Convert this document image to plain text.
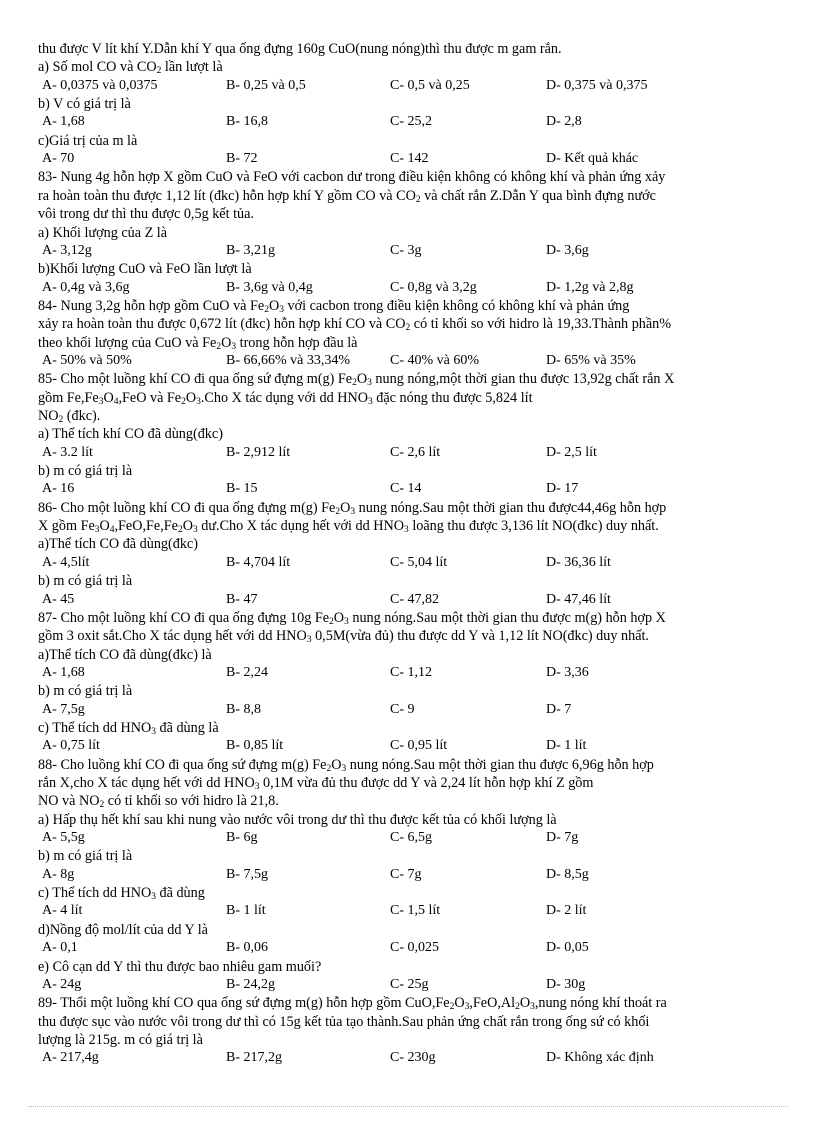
thu được V lít khí Y.Dẫn khí Y qua ống đựng 160g CuO(nung nóng)thì thu được m gam rắn.
a) Số mol CO và $CO_2$ lần lượt là
A- 0,0375 và 0,0375	B- 0,25 và 0,5	C- 0,5 và 0,25	D- 0,375 và 0,375
b) V có giá trị là
A- 1,68	B- 16,8	C- 25,2	D- 2,8
c)Giá trị của m là
A- 70	B- 72	C- 142	D- Kết quả khác
83- Nung 4g hỗn hợp X gồm CuO và FeO với cacbon dư trong điều kiện không có không khí và phản ứng xảy
ra hoàn toàn thu được 1,12 lít (đkc) hỗn hợp khí Y gồm CO và $CO_2$ và chất rắn Z.Dẫn Y qua bình đựng nước
vôi trong dư thì thu được 0,5g kết tủa.
a) Khối lượng của Z là
A- 3,12g	B- 3,21g	C- 3g	D- 3,6g
b)Khối lượng CuO và FeO lần lượt là
A- 0,4g và 3,6g	B- 3,6g và 0,4g	C- 0,8g và 3,2g	D- 1,2g và 2,8g
84- Nung 3,2g hỗn hợp gồm CuO và $Fe_2O_3$ với cacbon trong điều kiện không có không khí và phản ứng
xảy ra hoàn toàn thu được 0,672 lít (đkc) hỗn hợp khí CO và $CO_2$ có tỉ khối so với hidro là 19,33.Thành phần%
theo khối lượng của CuO và $Fe_2O_3$ trong hỗn hợp đầu là
A- 50% và 50%	B- 66,66% và 33,34%	C- 40% và 60%	D- 65% và 35%
85- Cho một luồng khí CO đi qua ống sứ đựng m(g) $Fe_2O_3$ nung nóng,một thời gian thu được 13,92g chất rắn X
gồm $Fe,Fe_3O_4,FeO$ và $Fe_2O_3.Cho$ X tác dụng với dd $HNO_3$ đặc nóng thu được 5,824 lít
$NO_2$ (đkc).
a) Thể tích khí CO đã dùng(đkc)
A- 3.2 lít	B- 2,912 lít	C- 2,6 lít	D- 2,5 lít
b) m có giá trị là
A- 16	B- 15	C- 14	D- 17
86- Cho một luồng khí CO đi qua ống đựng m(g) $Fe_2O_3$ nung nóng.Sau một thời gian thu được44,46g hỗn hợp
X gồm $Fe_3O_4,FeO,Fe,Fe_2O_3$ dư.Cho X tác dụng hết với dd $HNO_3$ loãng thu được 3,136 lít NO(đkc) duy nhất.
a)Thể tích CO đã dùng(đkc)
A- 4,5lít	B- 4,704 lít	C- 5,04 lít	D- 36,36 lít
b) m có giá trị là
A- 45	B- 47	C- 47,82	D- 47,46 lít
87- Cho một luồng khí CO đi qua ống đựng 10g $Fe_2O_3$ nung nóng.Sau một thời gian thu được m(g) hỗn hợp X
gồm 3 oxit sắt.Cho X tác dụng hết với dd $HNO_3$ 0,5M(vừa đủ) thu được dd Y và 1,12 lít NO(đkc) duy nhất.
a)Thể tích CO đã dùng(đkc) là
A- 1,68	B- 2,24	C- 1,12	D- 3,36
b) m có giá trị là
A- 7,5g	B- 8,8	C- 9	D- 7
c) Thể tích dd $HNO_3$ đã dùng là
A- 0,75 lít	B- 0,85 lít	C- 0,95 lít	D- 1 lít
88- Cho luồng khí CO đi qua ống sứ đựng m(g) $Fe_2O_3$ nung nóng.Sau một thời gian thu được 6,96g hỗn hợp
rắn X,cho X tác dụng hết với dd $HNO_3$ 0,1M vừa đủ thu được dd Y và 2,24 lít hỗn hợp khí Z gồm
NO và $NO_2$ có tỉ khối so với hidro là 21,8.
a) Hấp thụ hết khí sau khi nung vào nước vôi trong dư thì thu được kết tủa có khối lượng là
A- 5,5g	B- 6g	C- 6,5g	D- 7g
b) m có giá trị là
A- 8g	B- 7,5g	C- 7g	D- 8,5g
c) Thể tích dd $HNO_3$ đã dùng
A- 4 lít	B- 1 lít	C- 1,5 lít	D- 2 lít
d)Nồng độ mol/lít của dd Y là
A- 0,1	B- 0,06	C- 0,025	D- 0,05
e) Cô cạn dd Y thì thu được bao nhiêu gam muối?
A- 24g	B- 24,2g	C- 25g	D- 30g
89- Thổi một luồng khí CO qua ống sứ đựng m(g) hỗn hợp gồm $CuO,Fe_2O_3,FeO,Al_2O_3,nung$ nóng khí thoát ra
thu được sục vào nước vôi trong dư thì có 15g kết tủa tạo thành.Sau phản ứng chất rắn trong ống sứ có khối
lượng là 215g. m có giá trị là
A- 217,4g	B- 217,2g	C- 230g	D- Không xác định
